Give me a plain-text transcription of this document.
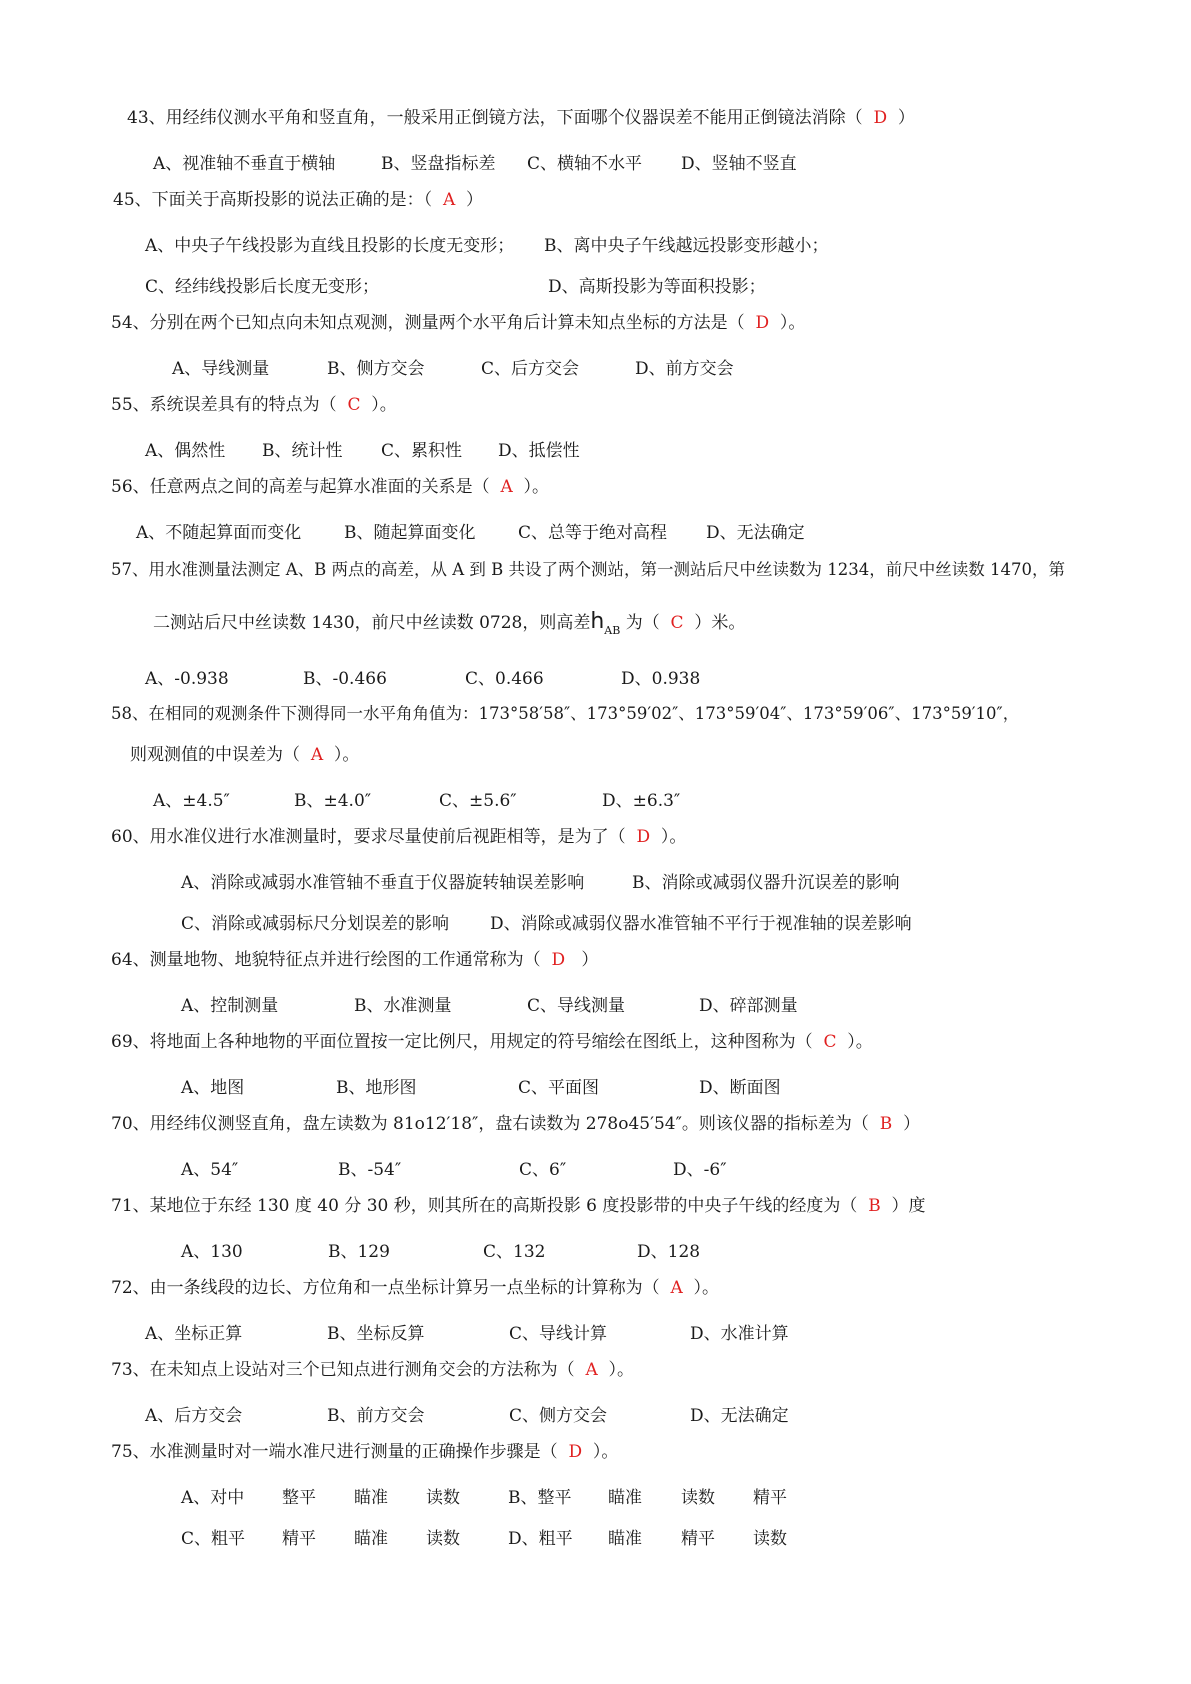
43、用经纬仪测水平角和竖直角，一般采用正倒镜方法，下面哪个仪器误差不能用正倒镜法消除（ D ）
A、视准轴不垂直于横轴	B、竖盘指标差 C、横轴不水平 D、竖轴不竖直
45、下面关于高斯投影的说法正确的是：（ A ）
A、中央子午线投影为直线且投影的长度无变形； B、离中央子午线越远投影变形越小；
C、经纬线投影后长度无变形；	D、高斯投影为等面积投影；
54、分别在两个已知点向未知点观测，测量两个水平角后计算未知点坐标的方法是（ D ）。
A、导线测量	B、侧方交会	C、后方交会	D、前方交会
55、系统误差具有的特点为（ C ）。
A、偶然性 B、统计性 C、累积性 D、抵偿性
56、任意两点之间的高差与起算水准面的关系是（ A ）。
A、不随起算面而变化	B、随起算面变化	C、总等于绝对高程 D、无法确定
57、用水准测量法测定 A、B 两点的高差，从 A 到 B 共设了两个测站，第一测站后尺中丝读数为 1234，前尺中丝读数 1470，第
二测站后尺中丝读数 1430，前尺中丝读数 0728，则高差$h_{AB}$ 为（ C ）米。
A、-0.938	B、-0.466	C、0.466	D、0.938
58、在相同的观测条件下测得同一水平角角值为：173°58′58″、173°59′02″、173°59′04″、173°59′06″、173°59′10″，
则观测值的中误差为（ A ）。
A、±4.5″	B、±4.0″	C、±5.6″	D、±6.3″
60、用水准仪进行水准测量时，要求尽量使前后视距相等，是为了（ D ）。
A、消除或减弱水准管轴不垂直于仪器旋转轴误差影响	B、消除或减弱仪器升沉误差的影响
C、消除或减弱标尺分划误差的影响 D、消除或减弱仪器水准管轴不平行于视准轴的误差影响
64、测量地物、地貌特征点并进行绘图的工作通常称为（ D ）
A、控制测量	B、水准测量	C、导线测量	D、碎部测量
69、将地面上各种地物的平面位置按一定比例尺，用规定的符号缩绘在图纸上，这种图称为（ C ）。
A、地图	B、地形图	C、平面图	D、断面图
70、用经纬仪测竖直角，盘左读数为 81o12′18″，盘右读数为 278o45′54″。则该仪器的指标差为（ B ）
A、54″	B、-54″	C、6″	D、-6″
71、某地位于东经 130 度 40 分 30 秒，则其所在的高斯投影 6 度投影带的中央子午线的经度为（ B ）度
A、130	B、129	C、132	D、128
72、由一条线段的边长、方位角和一点坐标计算另一点坐标的计算称为（ A ）。
A、坐标正算	B、坐标反算	C、导线计算	D、水准计算
73、在未知点上设站对三个已知点进行测角交会的方法称为（ A ）。
A、后方交会	B、前方交会	C、侧方交会	D、无法确定
75、水准测量时对一端水准尺进行测量的正确操作步骤是（ D ）。
A、对中 整平 瞄准 读数	B、整平 瞄准 读数 精平
C、粗平 精平 瞄准 读数	D、粗平 瞄准 精平 读数
